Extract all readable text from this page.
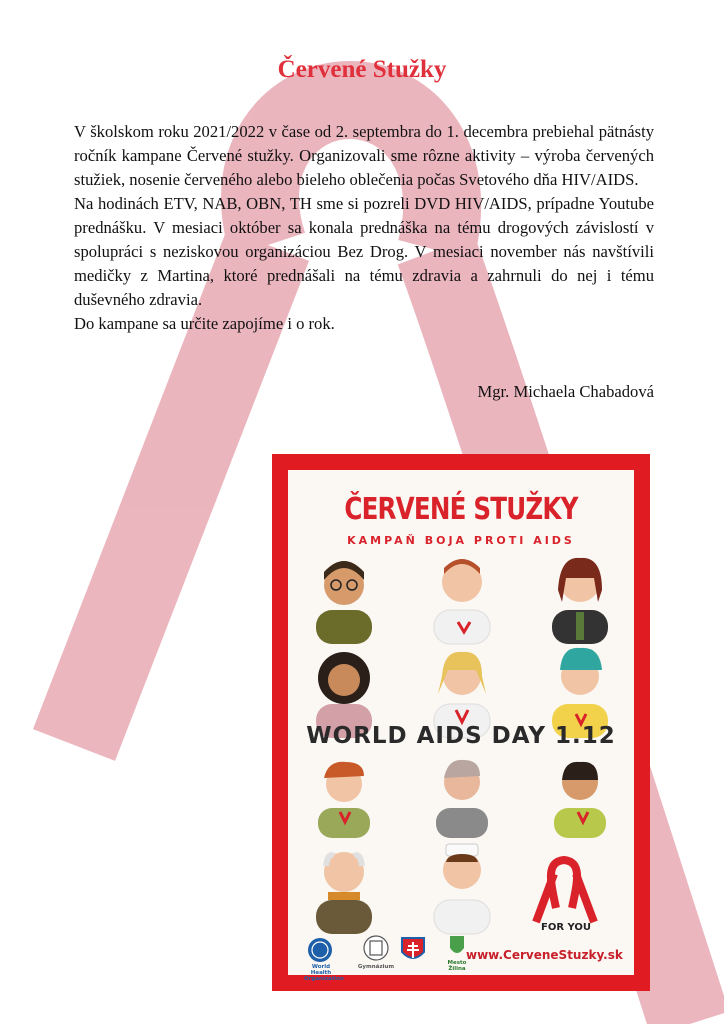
Červené Stužky

V školskom roku 2021/2022 v čase od 2. septembra do 1. decembra prebiehal pätnásty ročník kampane Červené stužky. Organizovali sme rôzne aktivity – výroba červených stužiek, nosenie červeného alebo bieleho oblečenia počas Svetového dňa HIV/AIDS.

Na hodinách ETV, NAB, OBN, TH sme si pozreli DVD HIV/AIDS, prípadne Youtube prednášku. V mesiaci október sa konala prednáška na tému drogových závislostí v spolupráci s neziskovou organizáciou Bez Drog. V mesiaci november nás navštívili medičky z Martina, ktoré prednášali na tému zdravia a zahrnuli do nej i tému duševného zdravia.

Do kampane sa určite zapojíme i o rok.

Mgr. Michaela Chabadová
ČERVENÉ STUŽKY
KAMPAŇ BOJA PROTI AIDS
WORLD AIDS DAY 1.12
FOR YOU
World Health
Organization
Gymnázium
Mesto Žilina
www.CerveneStuzky.sk
